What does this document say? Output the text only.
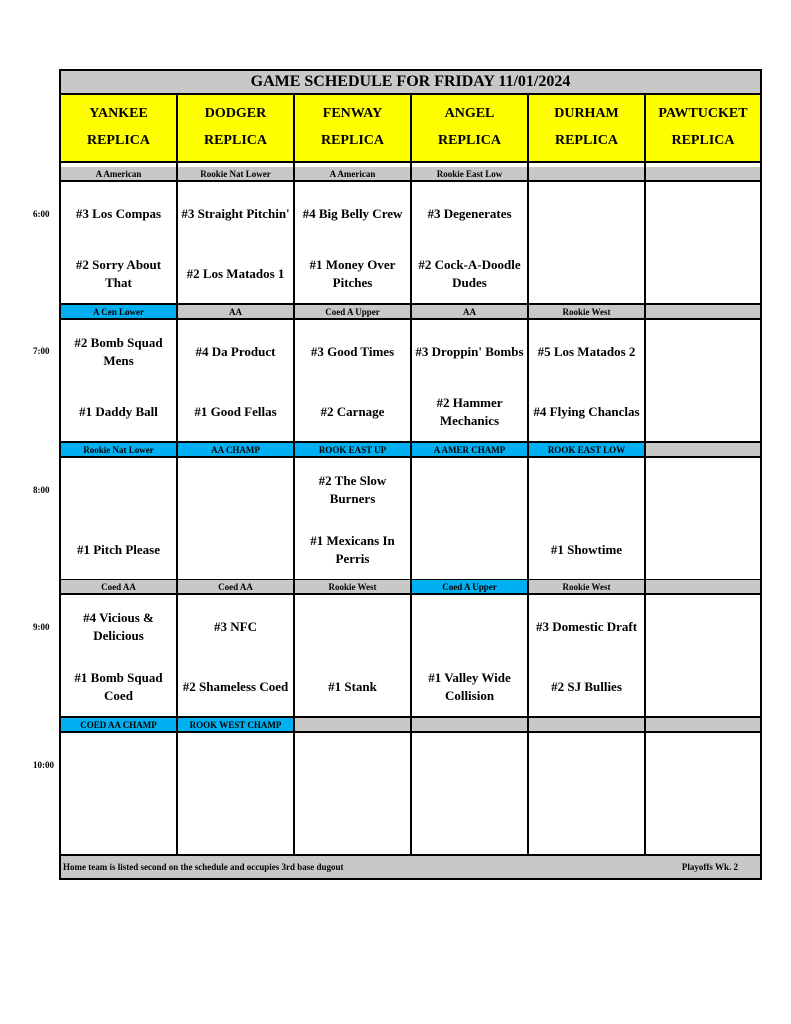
6:00
7:00
8:00
9:00
10:00
GAME SCHEDULE FOR FRIDAY 11/01/2024
YANKEE
REPLICA
A American
#3 Los Compas
#2 Sorry About That
A Cen Lower
#2 Bomb Squad Mens
#1 Daddy Ball
Rookie Nat Lower
#1 Pitch Please
Coed AA
#4 Vicious & Delicious
#1 Bomb Squad Coed
COED AA CHAMP
DODGER
REPLICA
Rookie Nat Lower
#3 Straight Pitchin'
#2 Los Matados 1
AA
#4 Da Product
#1 Good Fellas
AA CHAMP
Coed AA
#3 NFC
#2 Shameless Coed
ROOK WEST CHAMP
FENWAY
REPLICA
A American
#4 Big Belly Crew
#1 Money Over Pitches
Coed A Upper
#3 Good Times
#2 Carnage
ROOK EAST UP
#2 The Slow Burners
#1 Mexicans In Perris
Rookie West
#1 Stank
ANGEL
REPLICA
Rookie East Low
#3 Degenerates
#2 Cock-A-Doodle Dudes
AA
#3 Droppin' Bombs
#2 Hammer Mechanics
A AMER CHAMP
Coed A Upper
#1 Valley Wide Collision
DURHAM
REPLICA
Rookie West
#5 Los Matados 2
#4 Flying Chanclas
ROOK EAST LOW
#1 Showtime
Rookie West
#3 Domestic Draft
#2 SJ Bullies
PAWTUCKET
REPLICA
Home team is listed second on the schedule and occupies 3rd base dugout	Playoffs Wk. 2
